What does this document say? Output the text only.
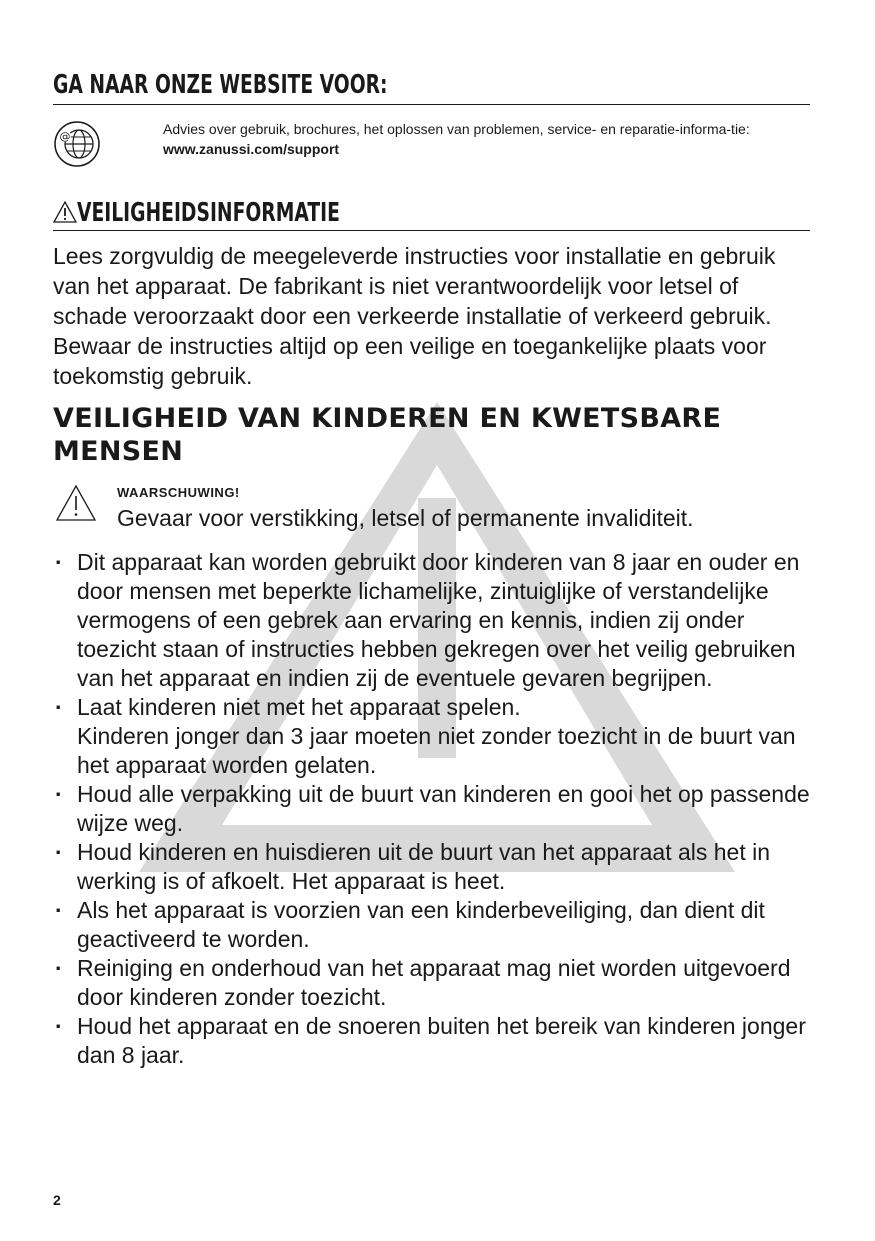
GA NAAR ONZE WEBSITE VOOR:
@	Advies over gebruik, brochures, het oplossen van problemen, service- en reparatie-informa-tie:
www.zanussi.com/support
VEILIGHEIDSINFORMATIE

Lees zorgvuldig de meegeleverde instructies voor installatie en gebruik van het apparaat. De fabrikant is niet verantwoordelijk voor letsel of schade veroorzaakt door een verkeerde installatie of verkeerd gebruik. Bewaar de instructies altijd op een veilige en toegankelijke plaats voor toekomstig gebruik.

VEILIGHEID VAN KINDEREN EN KWETSBARE MENSEN
WAARSCHUWING!
Gevaar voor verstikking, letsel of permanente invaliditeit.
· Dit apparaat kan worden gebruikt door kinderen van 8 jaar en ouder en door mensen met beperkte lichamelijke, zintuiglijke of verstandelijke vermogens of een gebrek aan ervaring en kennis, indien zij onder toezicht staan of instructies hebben gekregen over het veilig gebruiken van het apparaat en indien zij de eventuele gevaren begrijpen.
· Laat kinderen niet met het apparaat spelen.
Kinderen jonger dan 3 jaar moeten niet zonder toezicht in de buurt van het apparaat worden gelaten.
· Houd alle verpakking uit de buurt van kinderen en gooi het op passende wijze weg.
· Houd kinderen en huisdieren uit de buurt van het apparaat als het in werking is of afkoelt. Het apparaat is heet.
· Als het apparaat is voorzien van een kinderbeveiliging, dan dient dit geactiveerd te worden.
· Reiniging en onderhoud van het apparaat mag niet worden uitgevoerd door kinderen zonder toezicht.
· Houd het apparaat en de snoeren buiten het bereik van kinderen jonger dan 8 jaar.
2
